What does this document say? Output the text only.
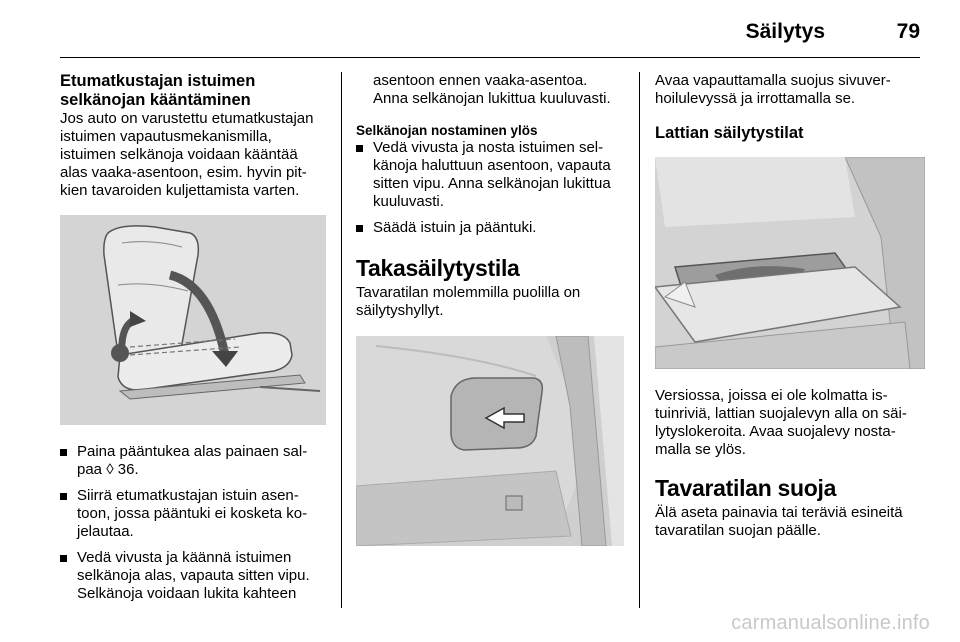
Säilytys	79
Etumatkustajan istuimen selkänojan kääntäminen

Jos auto on varustettu etumatkustajan istuimen vapautusmekanismilla, istuimen selkänoja voidaan kääntää alas vaaka-asentoon, esim. hyvin pitkien tavaroiden kuljettamista varten.

Paina pääntukea alas painaen salpaa ◊ 36.
Siirrä etumatkustajan istuin asentoon, jossa pääntuki ei kosketa kojelautaa.
Vedä vivusta ja käännä istuimen selkänoja alas, vapauta sitten vipu. Selkänoja voidaan lukita kahteen

asentoon ennen vaaka-asentoa. Anna selkänojan lukittua kuuluvasti.

Selkänojan nostaminen ylös
Vedä vivusta ja nosta istuimen selkänoja haluttuun asentoon, vapauta sitten vipu. Anna selkänojan lukittua kuuluvasti.
Säädä istuin ja pääntuki.
Takasäilytystila

Tavaratilan molemmilla puolilla on säilytyshyllyt.

Avaa vapauttamalla suojus sivuverhoilulevyssä ja irrottamalla se.

Lattian säilytystilat

Versiossa, joissa ei ole kolmatta istuinriviä, lattian suojalevyn alla on säilytyslokeroita. Avaa suojalevy nostamalla se ylös.

Tavaratilan suoja

Älä aseta painavia tai teräviä esineitä tavaratilan suojan päälle.

carmanualsonline.info
